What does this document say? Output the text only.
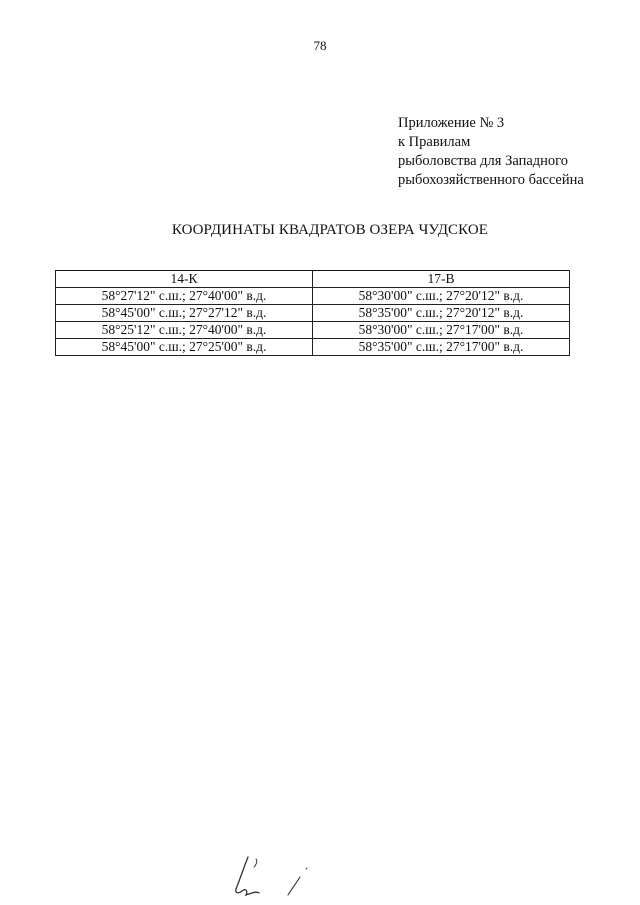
78
Приложение № 3
к Правилам
рыболовства для Западного
рыбохозяйственного бассейна
КООРДИНАТЫ КВАДРАТОВ ОЗЕРА ЧУДСКОЕ
14-К	17-В
58°27'12" с.ш.; 27°40'00" в.д.	58°30'00" с.ш.; 27°20'12" в.д.
58°45'00" с.ш.; 27°27'12" в.д.	58°35'00" с.ш.; 27°20'12" в.д.
58°25'12" с.ш.; 27°40'00" в.д.	58°30'00" с.ш.; 27°17'00" в.д.
58°45'00" с.ш.; 27°25'00" в.д.	58°35'00" с.ш.; 27°17'00" в.д.
